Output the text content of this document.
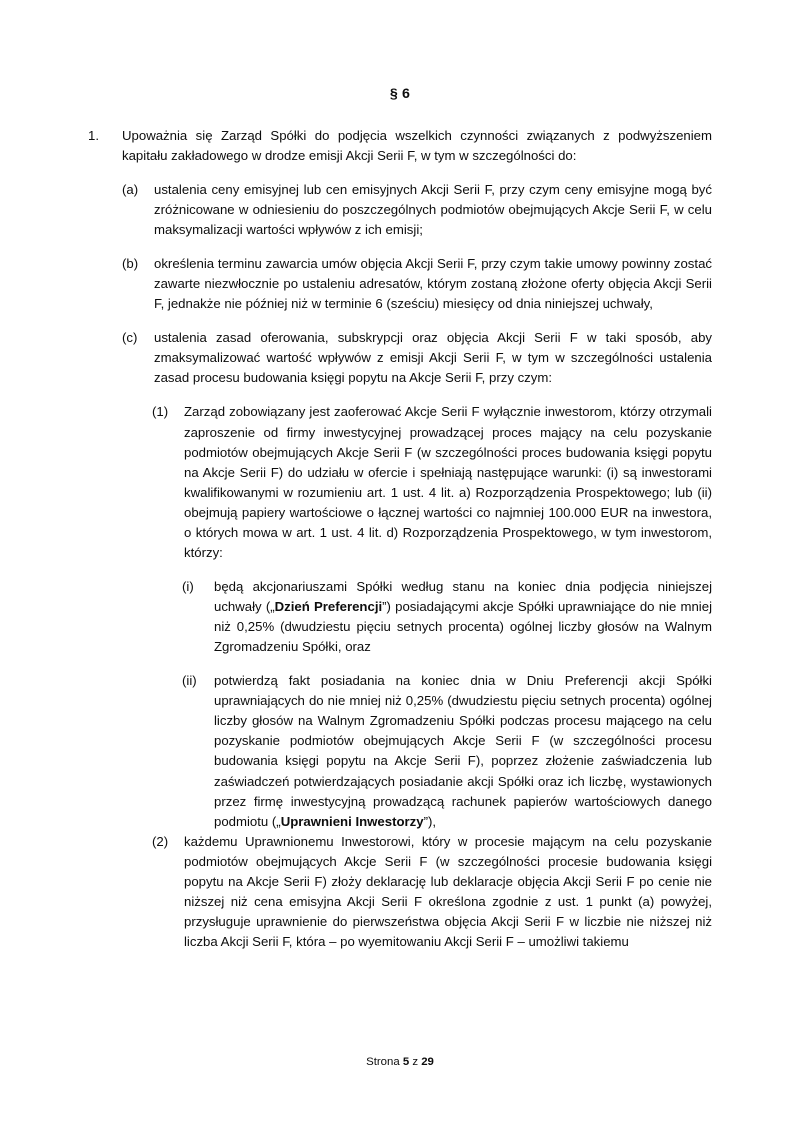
§ 6
1.	Upoważnia się Zarząd Spółki do podjęcia wszelkich czynności związanych z podwyższeniem kapitału zakładowego w drodze emisji Akcji Serii F, w tym w szczególności do:
(a)	ustalenia ceny emisyjnej lub cen emisyjnych Akcji Serii F, przy czym ceny emisyjne mogą być zróżnicowane w odniesieniu do poszczególnych podmiotów obejmujących Akcje Serii F, w celu maksymalizacji wartości wpływów z ich emisji;
(b)	określenia terminu zawarcia umów objęcia Akcji Serii F, przy czym takie umowy powinny zostać zawarte niezwłocznie po ustaleniu adresatów, którym zostaną złożone oferty objęcia Akcji Serii F, jednakże nie później niż w terminie 6 (sześciu) miesięcy od dnia niniejszej uchwały,
(c)	ustalenia zasad oferowania, subskrypcji oraz objęcia Akcji Serii F w taki sposób, aby zmaksymalizować wartość wpływów z emisji Akcji Serii F, w tym w szczególności ustalenia zasad procesu budowania księgi popytu na Akcje Serii F, przy czym:
(1)	Zarząd zobowiązany jest zaoferować Akcje Serii F wyłącznie inwestorom, którzy otrzymali zaproszenie od firmy inwestycyjnej prowadzącej proces mający na celu pozyskanie podmiotów obejmujących Akcje Serii F (w szczególności proces budowania księgi popytu na Akcje Serii F) do udziału w ofercie i spełniają następujące warunki: (i) są inwestorami kwalifikowanymi w rozumieniu art. 1 ust. 4 lit. a) Rozporządzenia Prospektowego; lub (ii) obejmują papiery wartościowe o łącznej wartości co najmniej 100.000 EUR na inwestora, o których mowa w art. 1 ust. 4 lit. d) Rozporządzenia Prospektowego, w tym inwestorom, którzy:
(i)	będą akcjonariuszami Spółki według stanu na koniec dnia podjęcia niniejszej uchwały („Dzień Preferencji”) posiadającymi akcje Spółki uprawniające do nie mniej niż 0,25% (dwudziestu pięciu setnych procenta) ogólnej liczby głosów na Walnym Zgromadzeniu Spółki, oraz
(ii)	potwierdzą fakt posiadania na koniec dnia w Dniu Preferencji akcji Spółki uprawniających do nie mniej niż 0,25% (dwudziestu pięciu setnych procenta) ogólnej liczby głosów na Walnym Zgromadzeniu Spółki podczas procesu mającego na celu pozyskanie podmiotów obejmujących Akcje Serii F (w szczególności procesu budowania księgi popytu na Akcje Serii F), poprzez złożenie zaświadczenia lub zaświadczeń potwierdzających posiadanie akcji Spółki oraz ich liczbę, wystawionych przez firmę inwestycyjną prowadzącą rachunek papierów wartościowych danego podmiotu („Uprawnieni Inwestorzy”),
(2)	każdemu Uprawnionemu Inwestorowi, który w procesie mającym na celu pozyskanie podmiotów obejmujących Akcje Serii F (w szczególności procesie budowania księgi popytu na Akcje Serii F) złoży deklarację lub deklaracje objęcia Akcji Serii F po cenie nie niższej niż cena emisyjna Akcji Serii F określona zgodnie z ust. 1 punkt (a) powyżej, przysługuje uprawnienie do pierwszeństwa objęcia Akcji Serii F w liczbie nie niższej niż liczba Akcji Serii F, która – po wyemitowaniu Akcji Serii F – umożliwi takiemu
Strona 5 z 29
